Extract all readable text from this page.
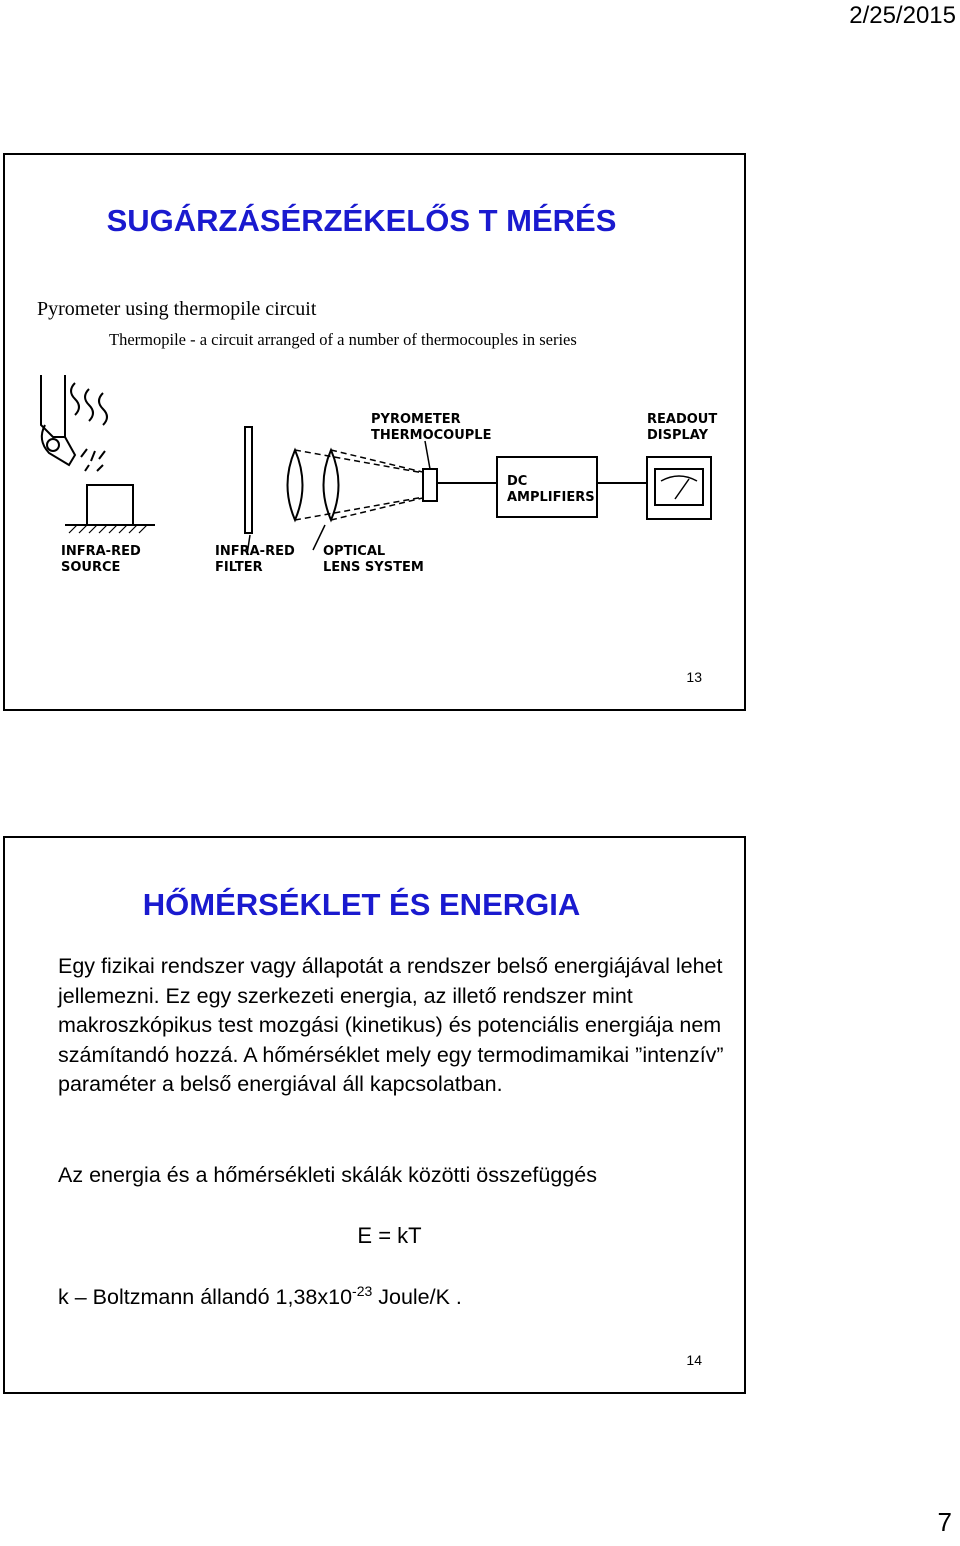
2/25/2015
SUGÁRZÁSÉRZÉKELŐS T MÉRÉS
Pyrometer using thermopile circuit
Thermopile - a circuit arranged of a number of thermocouples in series
INFRA-RED
SOURCE
INFRA-RED
FILTER
OPTICAL
LENS SYSTEM
PYROMETER
THERMOCOUPLE
DC
AMPLIFIERS
READOUT
DISPLAY
13
HŐMÉRSÉKLET ÉS ENERGIA
Egy fizikai rendszer vagy állapotát a rendszer belső energiájával lehet jellemezni. Ez egy szerkezeti energia, az illető rendszer mint makroszkópikus test mozgási (kinetikus) és potenciális energiája nem számítandó hozzá. A hőmérséklet mely egy termodimamikai ”intenzív” paraméter a belső energiával áll kapcsolatban.
Az energia és a hőmérsékleti skálák közötti összefüggés
E = kT
k – Boltzmann állandó $1,38x10^{-23}$ Joule/K .
14
7
